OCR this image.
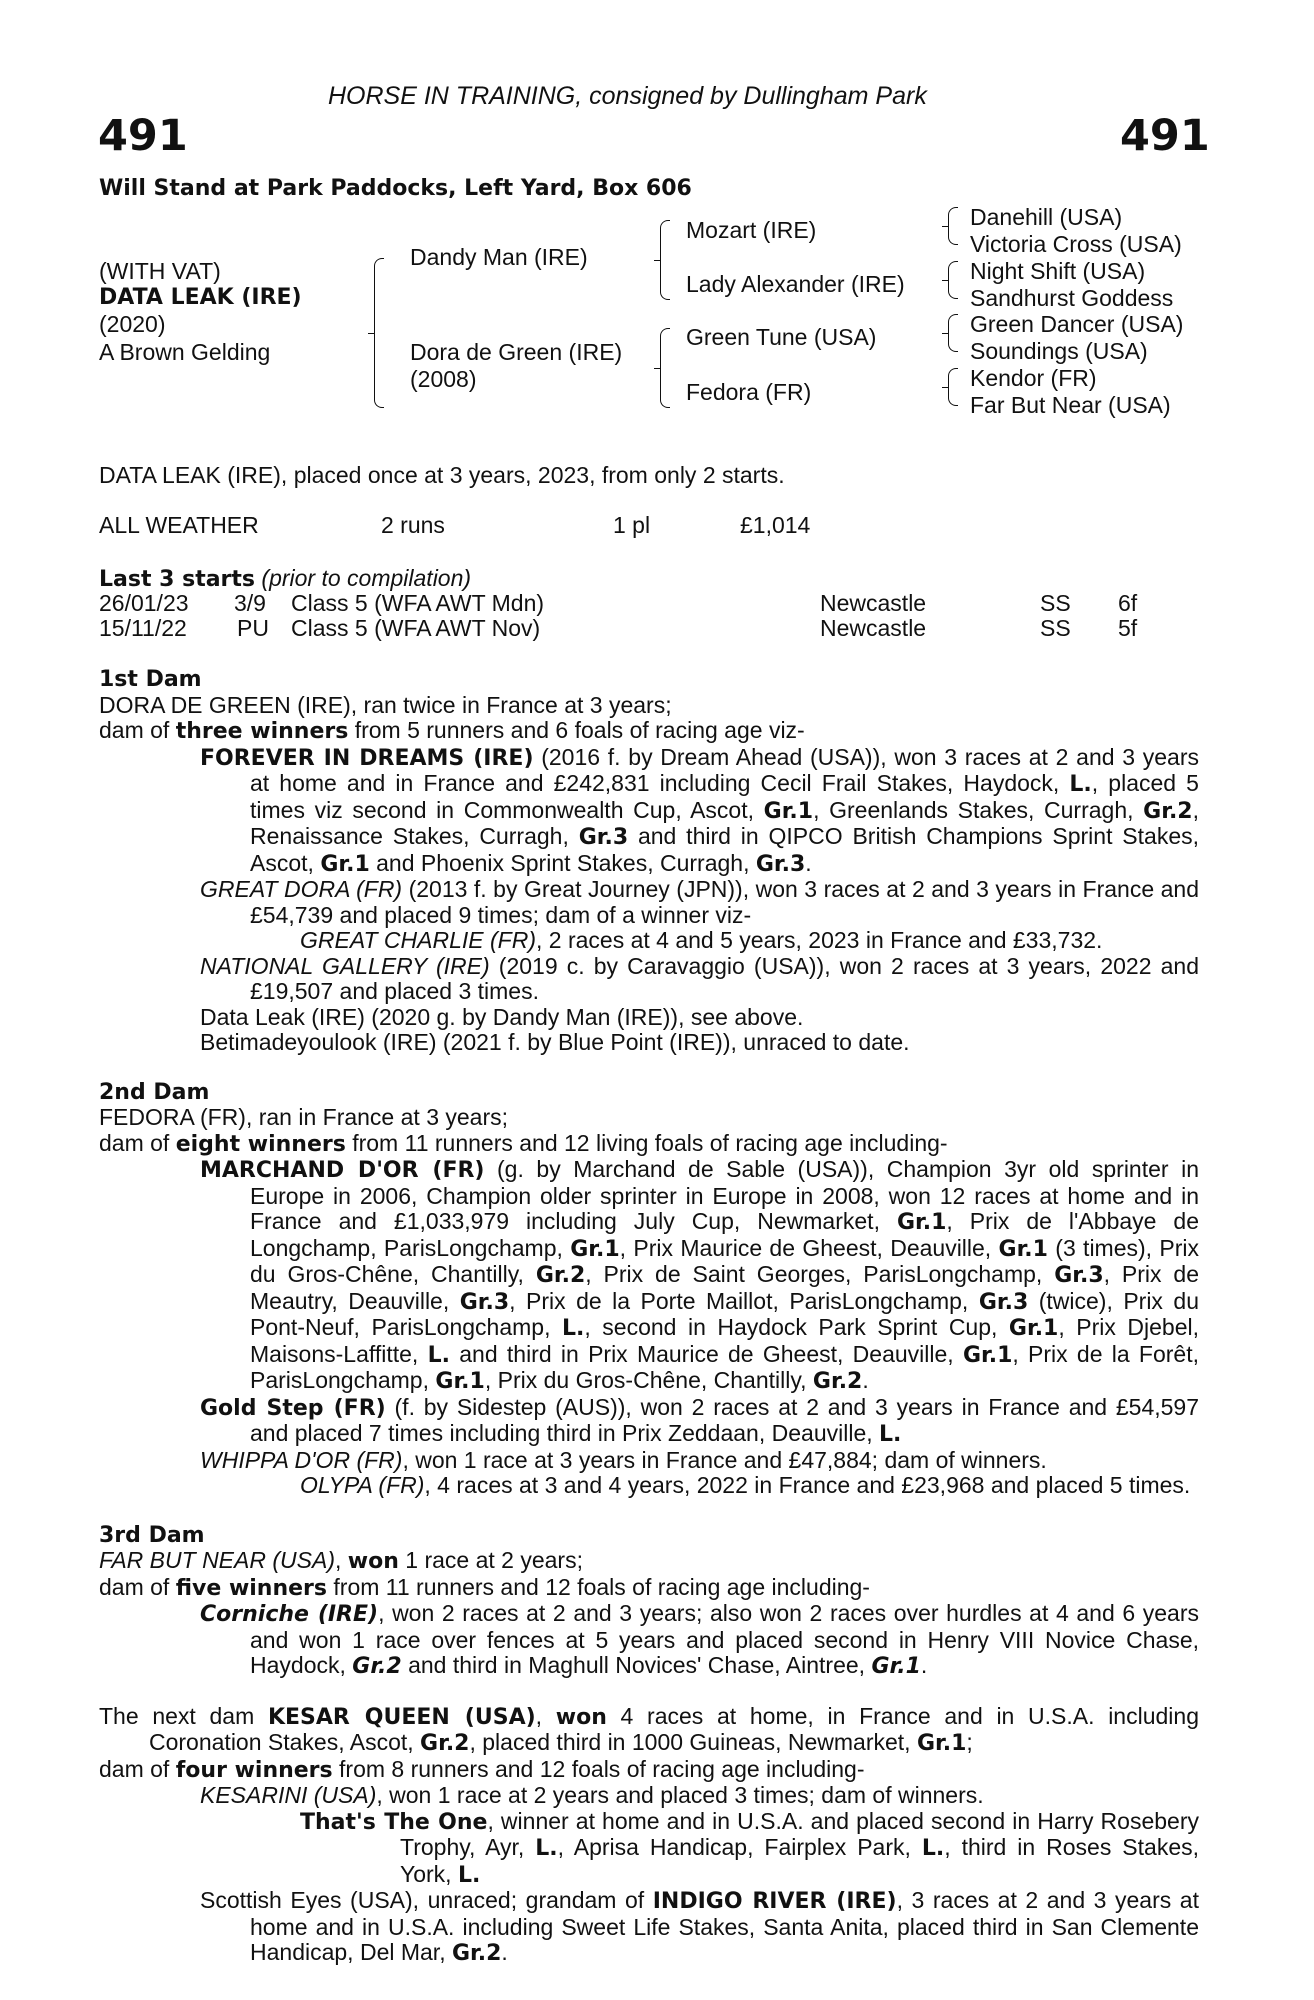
HORSE IN TRAINING, consigned by Dullingham Park
491	491
Will Stand at Park Paddocks, Left Yard, Box 606
(WITH VAT)
DATA LEAK (IRE)
(2020)
A Brown Gelding
Dandy Man (IRE)
Dora de Green (IRE)
(2008)
Mozart (IRE)
Lady Alexander (IRE)
Green Tune (USA)
Fedora (FR)
Danehill (USA)
Victoria Cross (USA)
Night Shift (USA)
Sandhurst Goddess
Green Dancer (USA)
Soundings (USA)
Kendor (FR)
Far But Near (USA)
DATA LEAK (IRE), placed once at 3 years, 2023, from only 2 starts.
ALL WEATHER	2 runs	1 pl	£1,014
Last 3 starts (prior to compilation)
26/01/23 3/9 Class 5 (WFA AWT Mdn)	Newcastle	SS 6f
15/11/22 PU Class 5 (WFA AWT Nov)	Newcastle	SS 5f

1st Dam

DORA DE GREEN (IRE), ran twice in France at 3 years;

dam of three winners from 5 runners and 6 foals of racing age viz-

FOREVER IN DREAMS (IRE) (2016 f. by Dream Ahead (USA)), won 3 races at 2 and 3 years at home and in France and £242,831 including Cecil Frail Stakes, Haydock, L., placed 5 times viz second in Commonwealth Cup, Ascot, Gr.1, Greenlands Stakes, Curragh, Gr.2, Renaissance Stakes, Curragh, Gr.3 and third in QIPCO British Champions Sprint Stakes, Ascot, Gr.1 and Phoenix Sprint Stakes, Curragh, Gr.3.

GREAT DORA (FR) (2013 f. by Great Journey (JPN)), won 3 races at 2 and 3 years in France and £54,739 and placed 9 times; dam of a winner viz-

GREAT CHARLIE (FR), 2 races at 4 and 5 years, 2023 in France and £33,732.

NATIONAL GALLERY (IRE) (2019 c. by Caravaggio (USA)), won 2 races at 3 years, 2022 and £19,507 and placed 3 times.

Data Leak (IRE) (2020 g. by Dandy Man (IRE)), see above.

Betimadeyoulook (IRE) (2021 f. by Blue Point (IRE)), unraced to date.

2nd Dam

FEDORA (FR), ran in France at 3 years;

dam of eight winners from 11 runners and 12 living foals of racing age including-

MARCHAND D'OR (FR) (g. by Marchand de Sable (USA)), Champion 3yr old sprinter in Europe in 2006, Champion older sprinter in Europe in 2008, won 12 races at home and in France and £1,033,979 including July Cup, Newmarket, Gr.1, Prix de l'Abbaye de Longchamp, ParisLongchamp, Gr.1, Prix Maurice de Gheest, Deauville, Gr.1 (3 times), Prix du Gros-Chêne, Chantilly, Gr.2, Prix de Saint Georges, ParisLongchamp, Gr.3, Prix de Meautry, Deauville, Gr.3, Prix de la Porte Maillot, ParisLongchamp, Gr.3 (twice), Prix du Pont-Neuf, ParisLongchamp, L., second in Haydock Park Sprint Cup, Gr.1, Prix Djebel, Maisons-Laffitte, L. and third in Prix Maurice de Gheest, Deauville, Gr.1, Prix de la Forêt, ParisLongchamp, Gr.1, Prix du Gros-Chêne, Chantilly, Gr.2.

Gold Step (FR) (f. by Sidestep (AUS)), won 2 races at 2 and 3 years in France and £54,597 and placed 7 times including third in Prix Zeddaan, Deauville, L.

WHIPPA D'OR (FR), won 1 race at 3 years in France and £47,884; dam of winners.

OLYPA (FR), 4 races at 3 and 4 years, 2022 in France and £23,968 and placed 5 times.

3rd Dam

FAR BUT NEAR (USA), won 1 race at 2 years;

dam of five winners from 11 runners and 12 foals of racing age including-

Corniche (IRE), won 2 races at 2 and 3 years; also won 2 races over hurdles at 4 and 6 years and won 1 race over fences at 5 years and placed second in Henry VIII Novice Chase, Haydock, Gr.2 and third in Maghull Novices' Chase, Aintree, Gr.1.

The next dam KESAR QUEEN (USA), won 4 races at home, in France and in U.S.A. including Coronation Stakes, Ascot, Gr.2, placed third in 1000 Guineas, Newmarket, Gr.1;

dam of four winners from 8 runners and 12 foals of racing age including-

KESARINI (USA), won 1 race at 2 years and placed 3 times; dam of winners.

That's The One, winner at home and in U.S.A. and placed second in Harry Rosebery Trophy, Ayr, L., Aprisa Handicap, Fairplex Park, L., third in Roses Stakes, York, L.

Scottish Eyes (USA), unraced; grandam of INDIGO RIVER (IRE), 3 races at 2 and 3 years at home and in U.S.A. including Sweet Life Stakes, Santa Anita, placed third in San Clemente Handicap, Del Mar, Gr.2.
